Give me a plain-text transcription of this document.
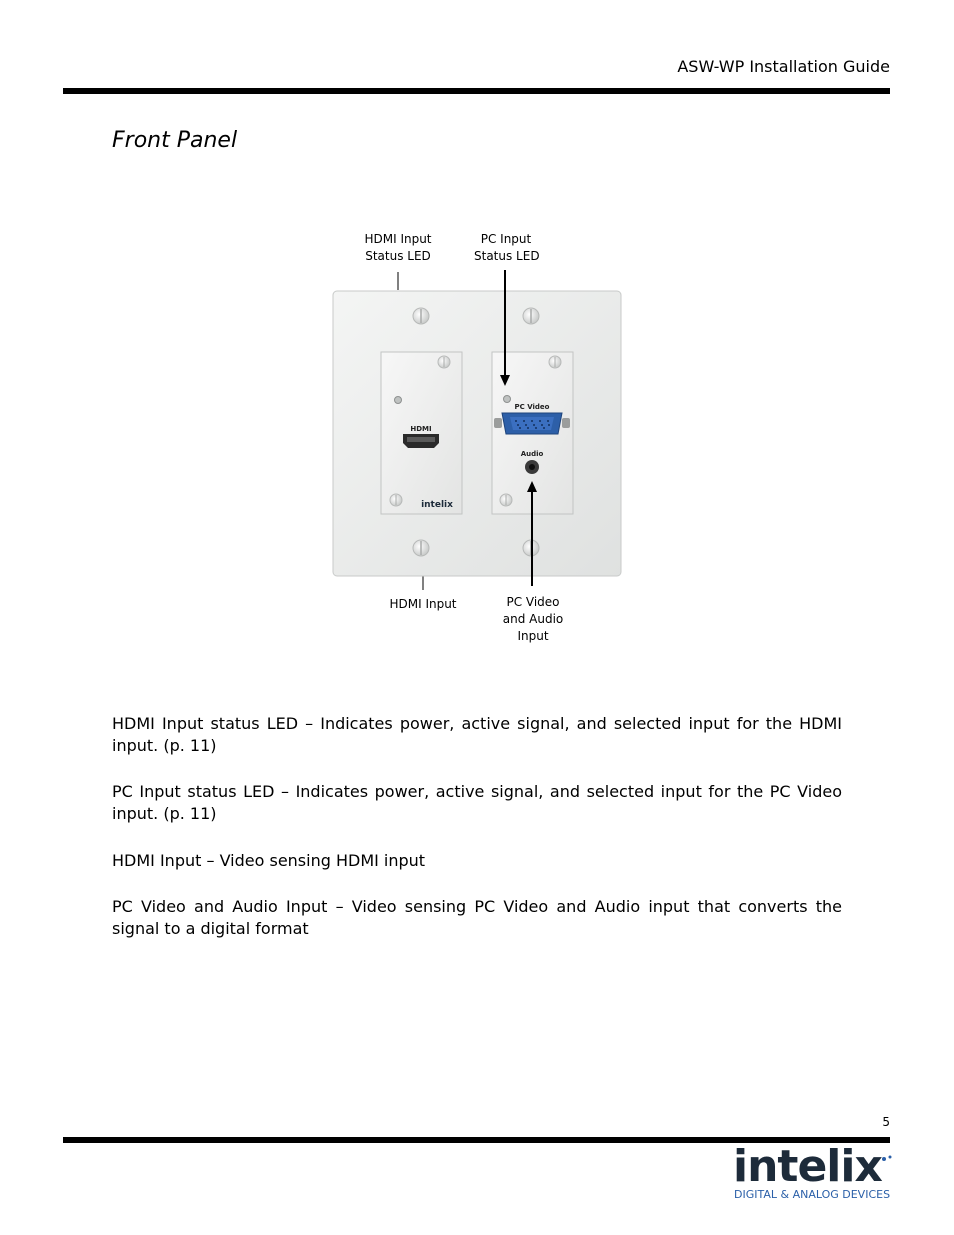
ASW-WP Installation Guide
Front Panel
HDMI Input
Status LED
PC Input
Status LED
HDMI Input	PC Video
and Audio
Input
HDMI
intelix
PC Video
Audio
HDMI Input status LED – Indicates power, active signal, and selected input for the HDMI input. (p. 11)
PC Input status LED – Indicates power, active signal, and selected input for the PC Video input. (p. 11)
HDMI Input – Video sensing HDMI input
PC Video and Audio Input – Video sensing PC Video and Audio input that converts the signal to a digital format
5
intelix
DIGITAL & ANALOG DEVICES
